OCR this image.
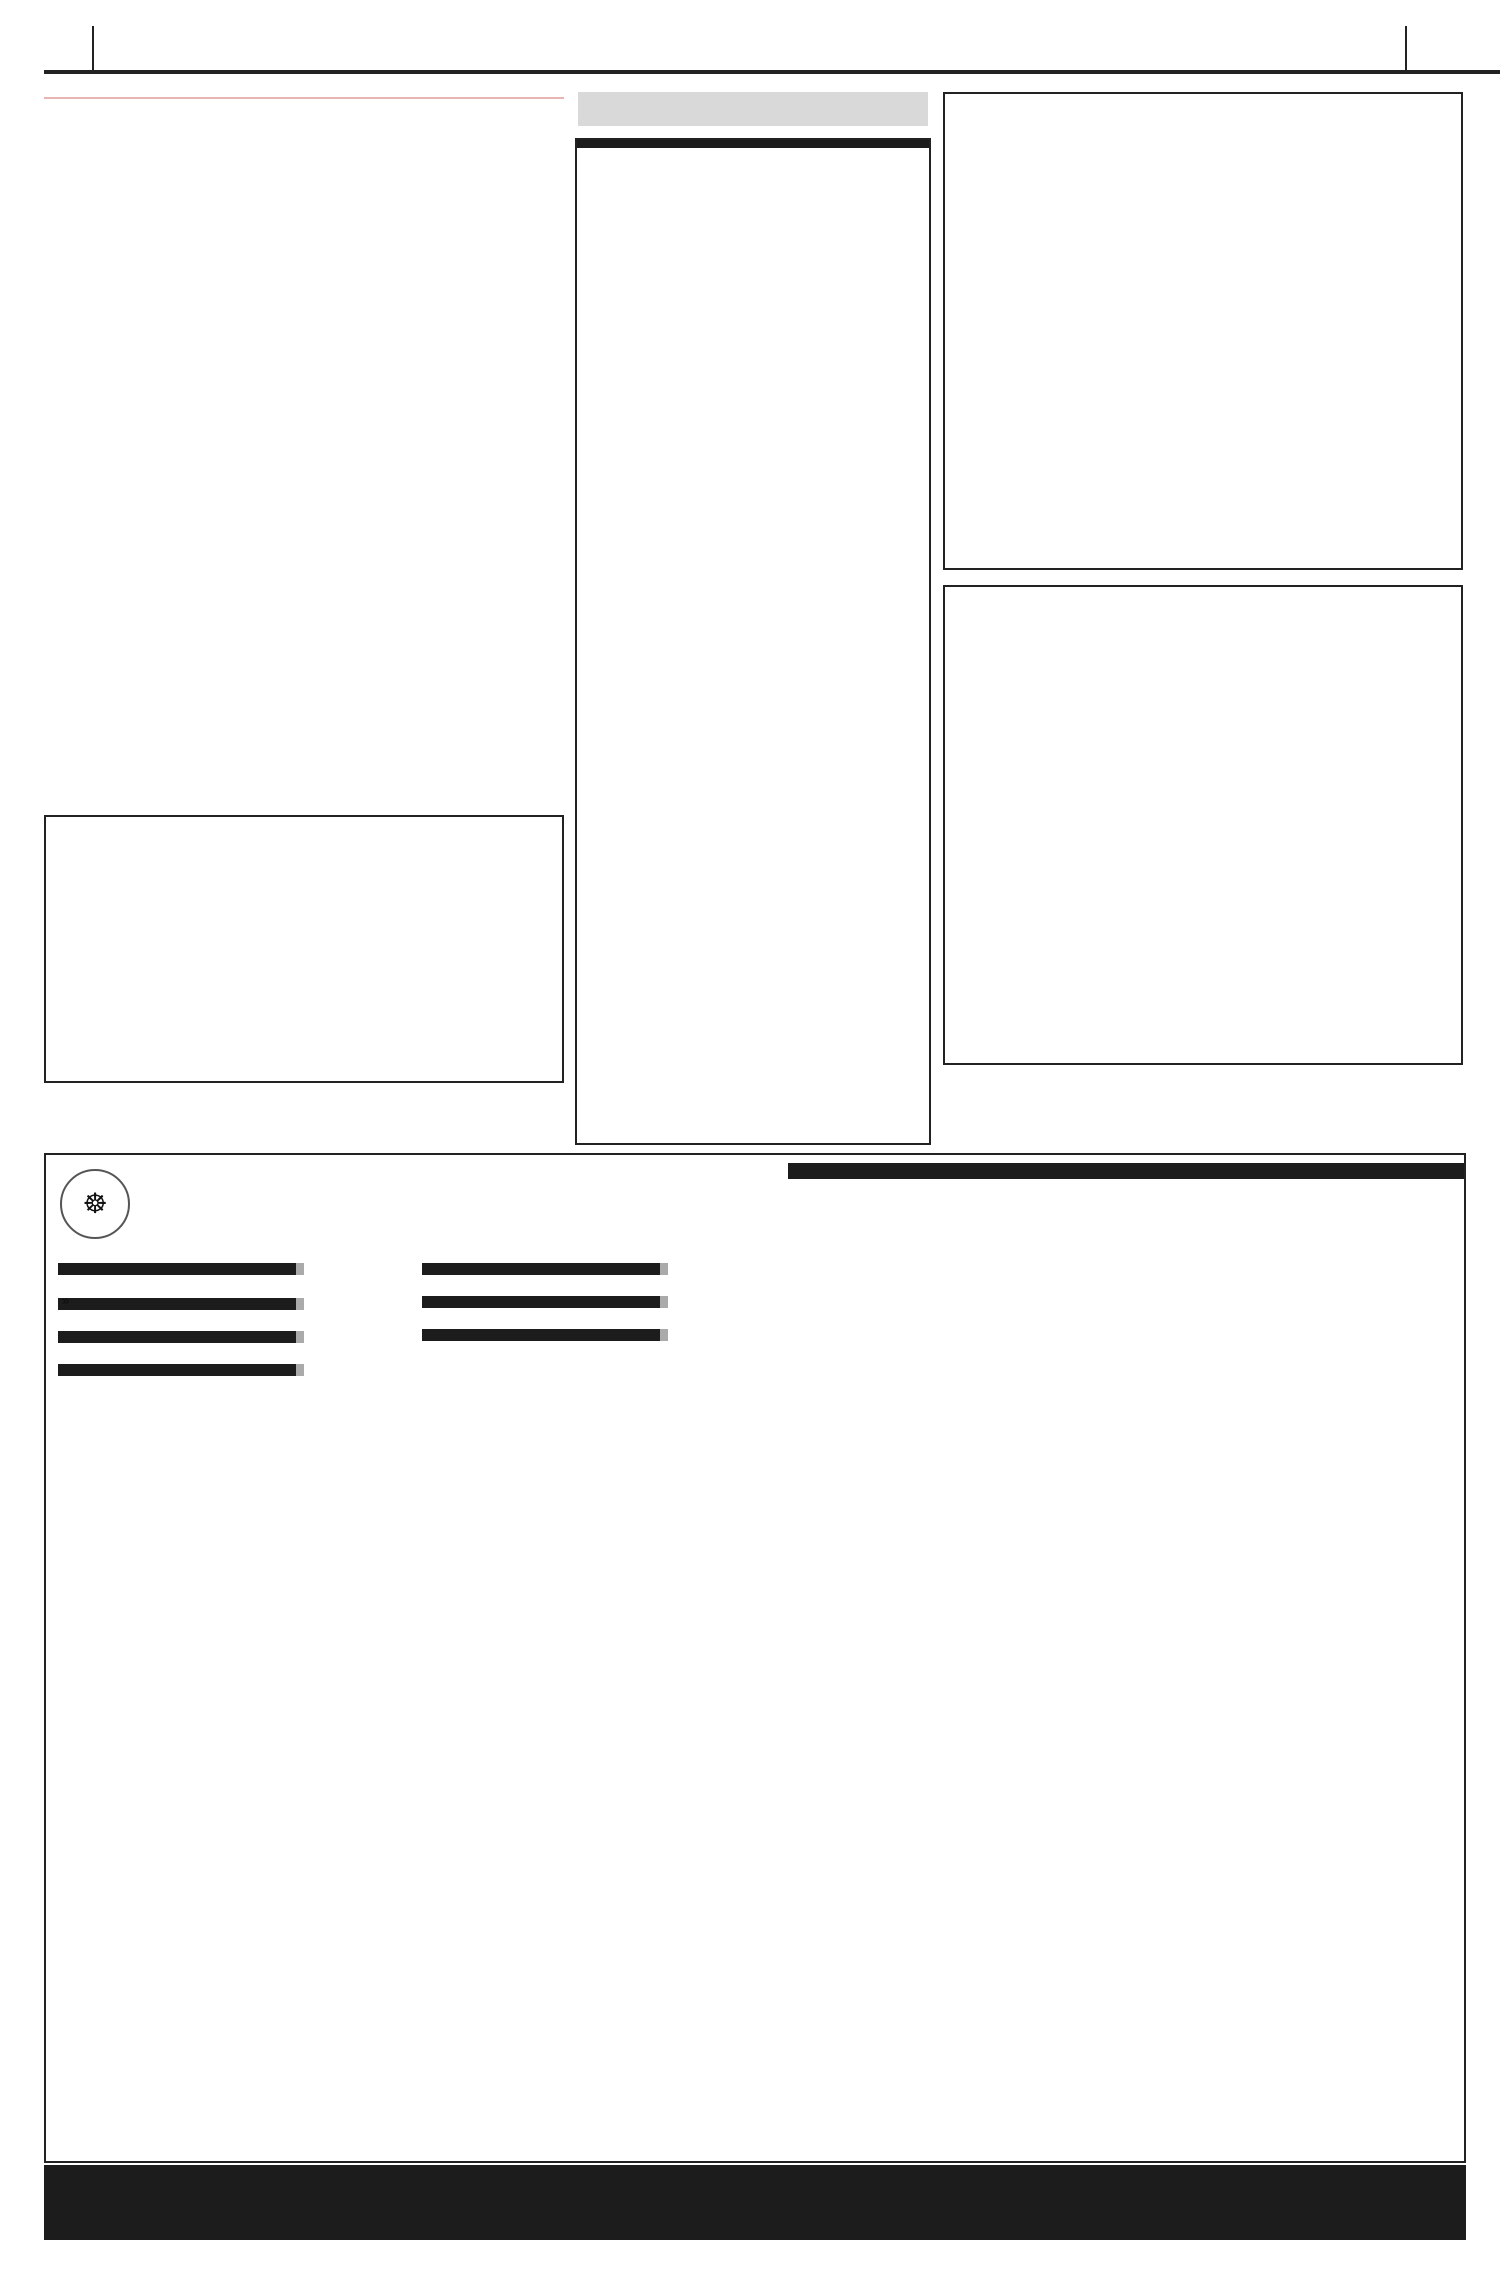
☸
